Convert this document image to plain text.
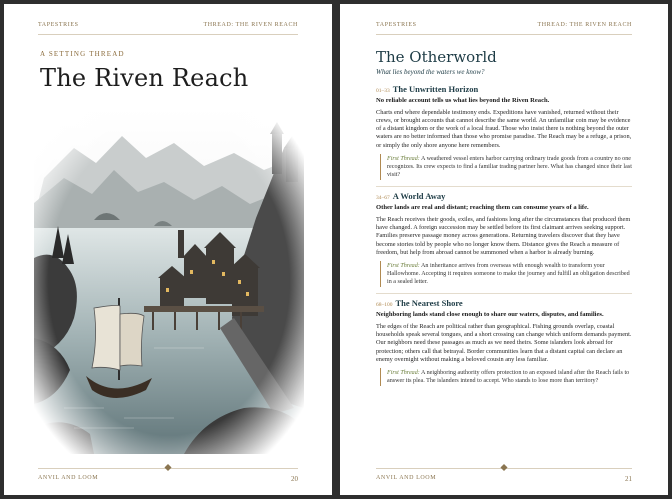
TAPESTRIES	THREAD: THE RIVEN REACH
A SETTING THREAD
The Riven Reach
ANVIL AND LOOM	20
TAPESTRIES	THREAD: THE RIVEN REACH
The Otherworld
What lies beyond the waters we know?
01–33 The Unwritten Horizon

No reliable account tells us what lies beyond the Riven Reach.

Charts end where dependable testimony ends. Expeditions have vanished, returned without their crews, or brought accounts that cannot describe the same world. An unfamiliar coin may be evidence of a distant kingdom or the work of a local fraud. Those who insist there is nothing beyond the outer waters are no better informed than those who promise paradise. The Reach may be a refuge, a prison, or simply the only shore anyone here remembers.

First Thread: A weathered vessel enters harbor carrying ordinary trade goods from a country no one recognizes. Its crew expects to find a familiar trading partner here. What has changed since their last visit?
34–67 A World Away

Other lands are real and distant; reaching them can consume years of a life.

The Reach receives their goods, exiles, and fashions long after the circumstances that produced them have changed. A foreign succession may be settled before its first claimant arrives seeking support. Families preserve passage money across generations. Returning travelers discover that they have become stories told by people who no longer know them. Distance gives the Reach a measure of freedom, but help from abroad cannot be summoned when a harbor is already burning.

First Thread: An inheritance arrives from overseas with enough wealth to transform your Hallowhome. Accepting it requires someone to make the journey and fulfill an obligation described in a sealed letter.
68–100 The Nearest Shore

Neighboring lands stand close enough to share our waters, disputes, and families.

The edges of the Reach are political rather than geographical. Fishing grounds overlap, coastal households speak several tongues, and a short crossing can change which uniform demands payment. Our neighbors need these passages as much as we need theirs. Some islanders look abroad for protection; others call that betrayal. Border communities learn that a distant capital can declare an enemy overnight without making a beloved cousin any less familiar.

First Thread: A neighboring authority offers protection to an exposed island after the Reach fails to answer its plea. The islanders intend to accept. Who stands to lose more than territory?
ANVIL AND LOOM	21
